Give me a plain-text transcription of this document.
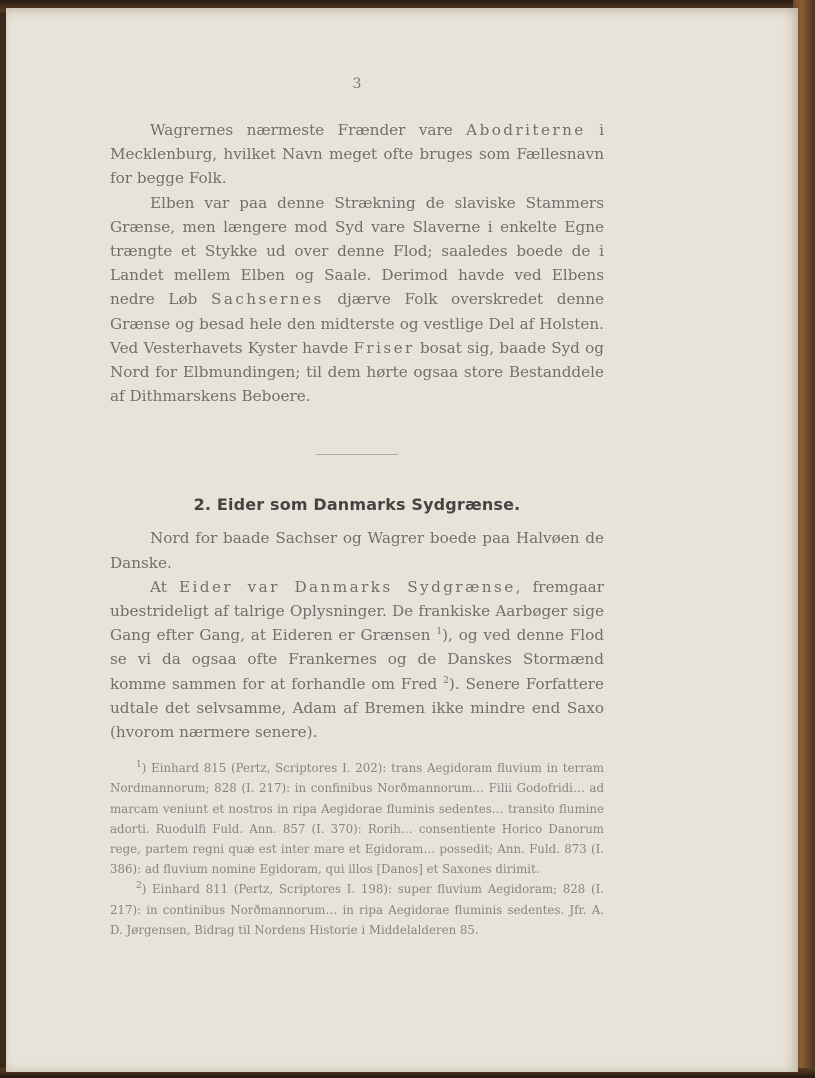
3

Wagrernes nærmeste Frænder vare Abodriterne i Mecklenburg, hvilket Navn meget ofte bruges som Fællesnavn for begge Folk.

Elben var paa denne Strækning de slaviske Stammers Grænse, men længere mod Syd vare Slaverne i enkelte Egne trængte et Stykke ud over denne Flod; saaledes boede de i Landet mellem Elben og Saale. Derimod havde ved Elbens nedre Løb Sachsernes djærve Folk overskredet denne Grænse og besad hele den midterste og vestlige Del af Holsten. Ved Vesterhavets Kyster havde Friser bosat sig, baade Syd og Nord for Elbmundingen; til dem hørte ogsaa store Bestanddele af Dithmarskens Beboere.

2. Eider som Danmarks Sydgrænse.

Nord for baade Sachser og Wagrer boede paa Halvøen de Danske.

At Eider var Danmarks Sydgrænse, fremgaar ubestrideligt af talrige Oplysninger. De frankiske Aarbøger sige Gang efter Gang, at Eideren er Grænsen $^1$), og ved denne Flod se vi da ogsaa ofte Frankernes og de Danskes Stormænd komme sammen for at forhandle om Fred $^2$). Senere Forfattere udtale det selvsamme, Adam af Bremen ikke mindre end Saxo (hvorom nærmere senere).

$^1$) Einhard 815 (Pertz, Scriptores I. 202): trans Aegidoram fluvium in terram Nordmannorum; 828 (I. 217): in confinibus Norðmannorum… Filii Godofridi… ad marcam veniunt et nostros in ripa Aegidorae fluminis sedentes… transito flumine adorti. Ruodulfi Fuld. Ann. 857 (I. 370): Rorih… consentiente Horico Danorum rege, partem regni quæ est inter mare et Egidoram… possedit; Ann. Fuld. 873 (I. 386): ad fluvium nomine Egidoram, qui illos [Danos] et Saxones dirimit.

$^2$) Einhard 811 (Pertz, Scriptores I. 198): super fluvium Aegidoram; 828 (I. 217): in continibus Norðmannorum… in ripa Aegidorae fluminis sedentes. Jfr. A. D. Jørgensen, Bidrag til Nordens Historie i Middelalderen 85.
